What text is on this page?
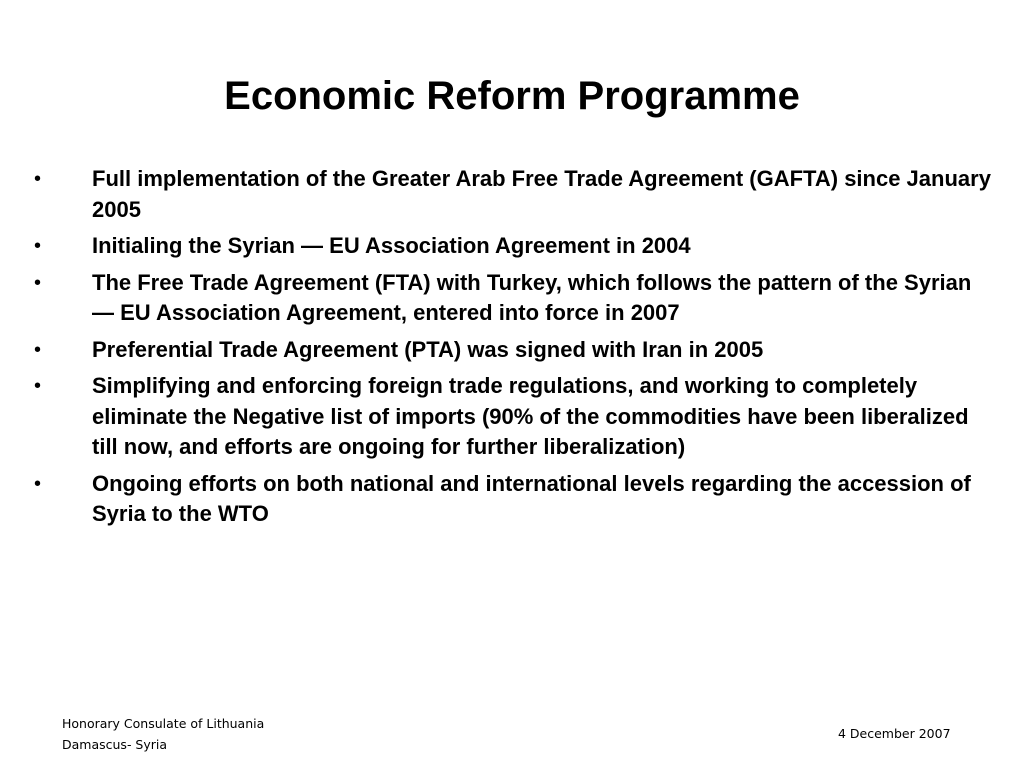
Economic Reform Programme
• Full implementation of the Greater Arab Free Trade Agreement (GAFTA) since January 2005
• Initialing the Syrian — EU Association Agreement in 2004
• The Free Trade Agreement (FTA) with Turkey, which follows the pattern of the Syrian — EU Association Agreement, entered into force in 2007
• Preferential Trade Agreement (PTA) was signed with Iran in 2005
• Simplifying and enforcing foreign trade regulations, and working to completely eliminate the Negative list of imports (90% of the commodities have been liberalized till now, and efforts are ongoing for further liberalization)
• Ongoing efforts on both national and international levels regarding the accession of Syria to the WTO
Honorary Consulate of Lithuania
Damascus- Syria
4 December 2007
